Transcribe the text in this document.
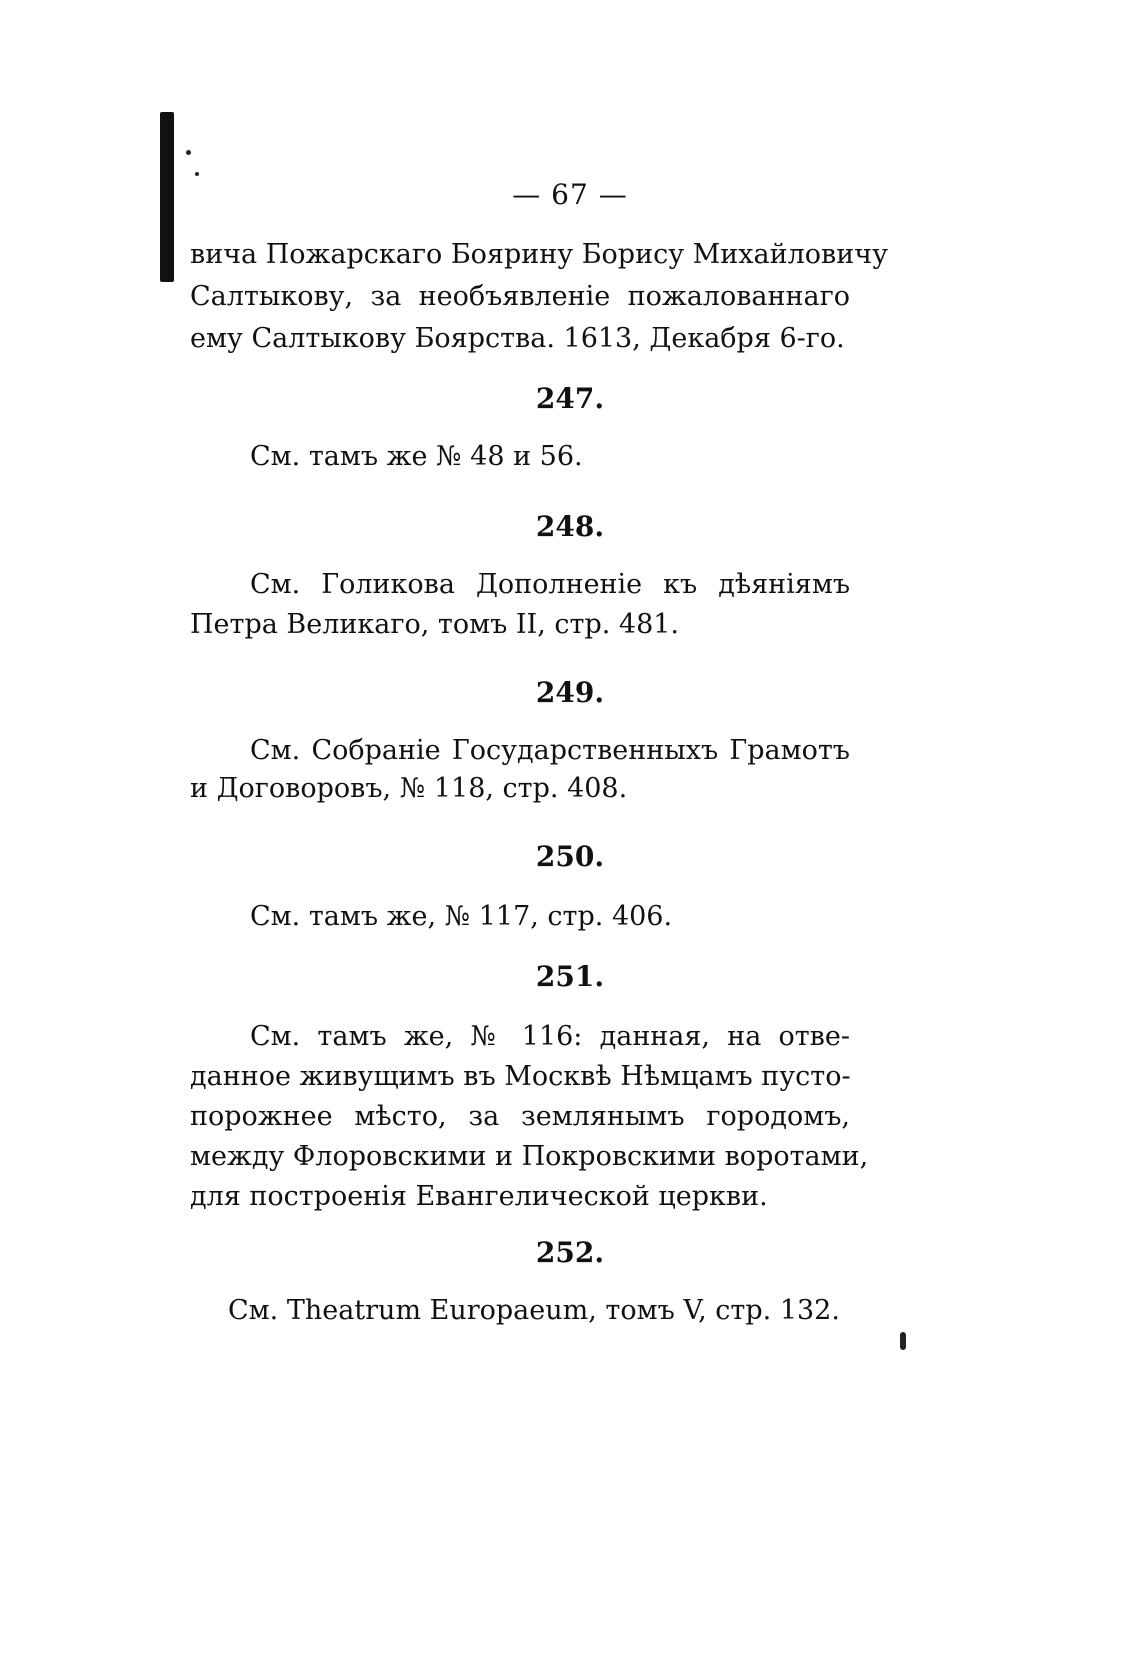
— 67 —
вича Пожарскаго Боярину Борису Михайловичу
Салтыкову, за необъявленіе пожалованнаго
ему Салтыкову Боярства. 1613, Декабря 6-го.
247.
См. тамъ же № 48 и 56.
248.
См. Голикова Дополненіе къ дѣяніямъ
Петра Великаго, томъ II, стр. 481.
249.
См. Собраніе Государственныхъ Грамотъ
и Договоровъ, № 118, стр. 408.
250.
См. тамъ же, № 117, стр. 406.
251.
См. тамъ же, № 116: данная, на отве-
данное живущимъ въ Москвѣ Нѣмцамъ пусто-
порожнее мѣсто, за землянымъ городомъ,
между Флоровскими и Покровскими воротами,
для построенія Евангелической церкви.
252.
См. Theatrum Europaeum, томъ V, стр. 132.
